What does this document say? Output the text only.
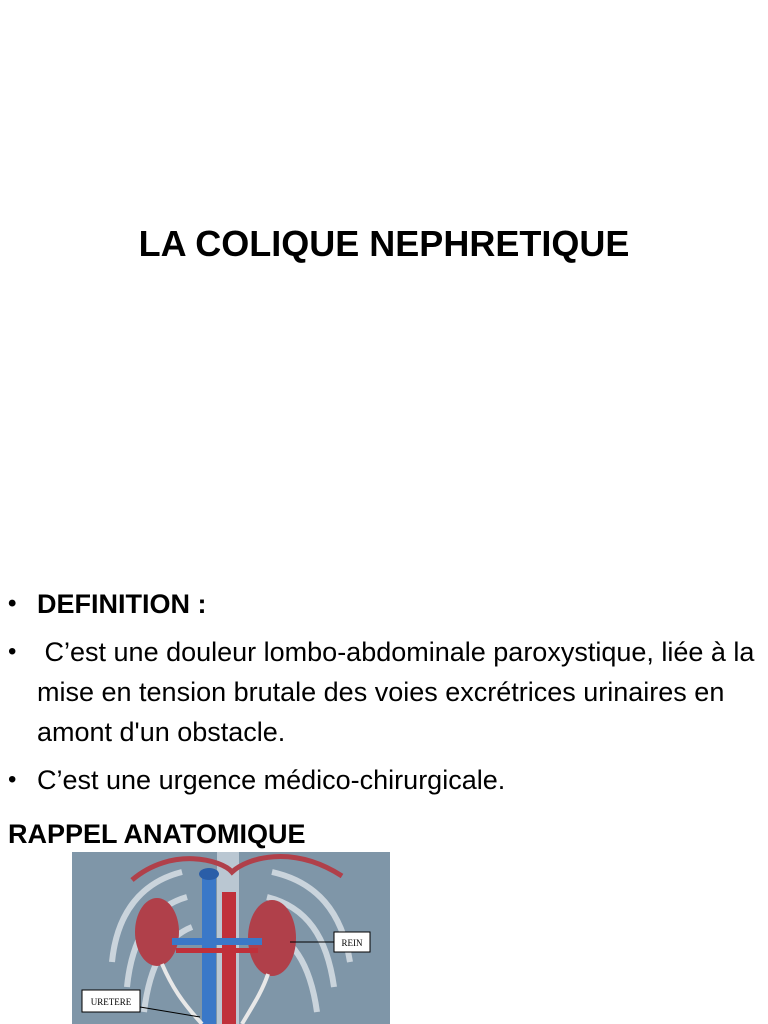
LA COLIQUE NEPHRETIQUE
• DEFINITION :
• C’est une douleur lombo-abdominale paroxystique, liée à la mise en tension brutale des voies excrétrices urinaires en amont d'un obstacle.
• C’est une urgence médico-chirurgicale.
RAPPEL ANATOMIQUE
REIN
URETERE
